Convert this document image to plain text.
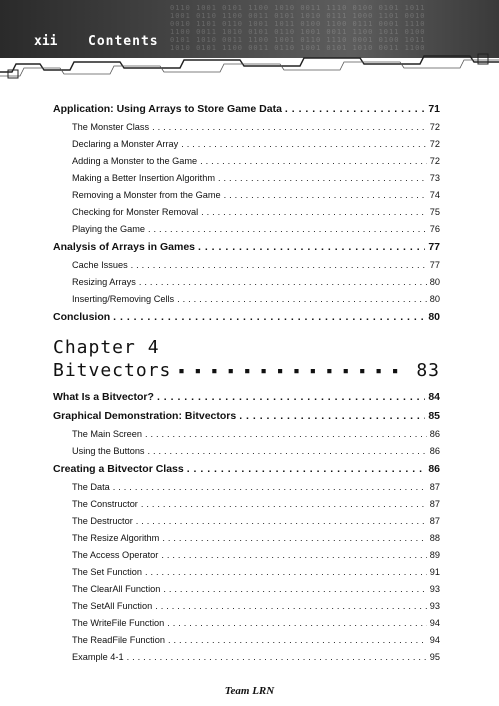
0110 1001 0101 1100 1010 0011 1110 0100 0101 1011
1001 0110 1100 0011 0101 1010 0111 1000 1101 0010
0010 1101 0110 1001 1011 0100 1100 0111 0001 1110
1100 0011 1010 0101 0110 1001 0011 1100 1011 0100
0101 1010 0011 1100 1001 0110 1110 0001 0100 1011
1010 0101 1100 0011 0110 1001 0101 1010 0011 1100
xii Contents
Application: Using Arrays to Store Game Data . . .	71
The Monster Class . . .	72
Declaring a Monster Array . . .	72
Adding a Monster to the Game . . .	72
Making a Better Insertion Algorithm . . .	73
Removing a Monster from the Game . . .	74
Checking for Monster Removal . . .	75
Playing the Game . . .	76
Analysis of Arrays in Games . . .	77
Cache Issues . . .	77
Resizing Arrays . . .	80
Inserting/Removing Cells . . .	80
Conclusion . . .	80
Chapter 4
Bitvectors ■ ■ ■ ■ ■ ■ ■ ■ ■ ■ ■ ■ ■ ■ ■ ■ ■ ■ ■ ■ ■ ■	83
What Is a Bitvector? . . .	84
Graphical Demonstration: Bitvectors . . .	85
The Main Screen . . .	86
Using the Buttons . . .	86
Creating a Bitvector Class . . .	86
The Data . . .	87
The Constructor . . .	87
The Destructor . . .	87
The Resize Algorithm . . .	88
The Access Operator . . .	89
The Set Function . . .	91
The ClearAll Function . . .	93
The SetAll Function . . .	93
The WriteFile Function . . .	94
The ReadFile Function . . .	94
Example 4-1 . . .	95
Team LRN
